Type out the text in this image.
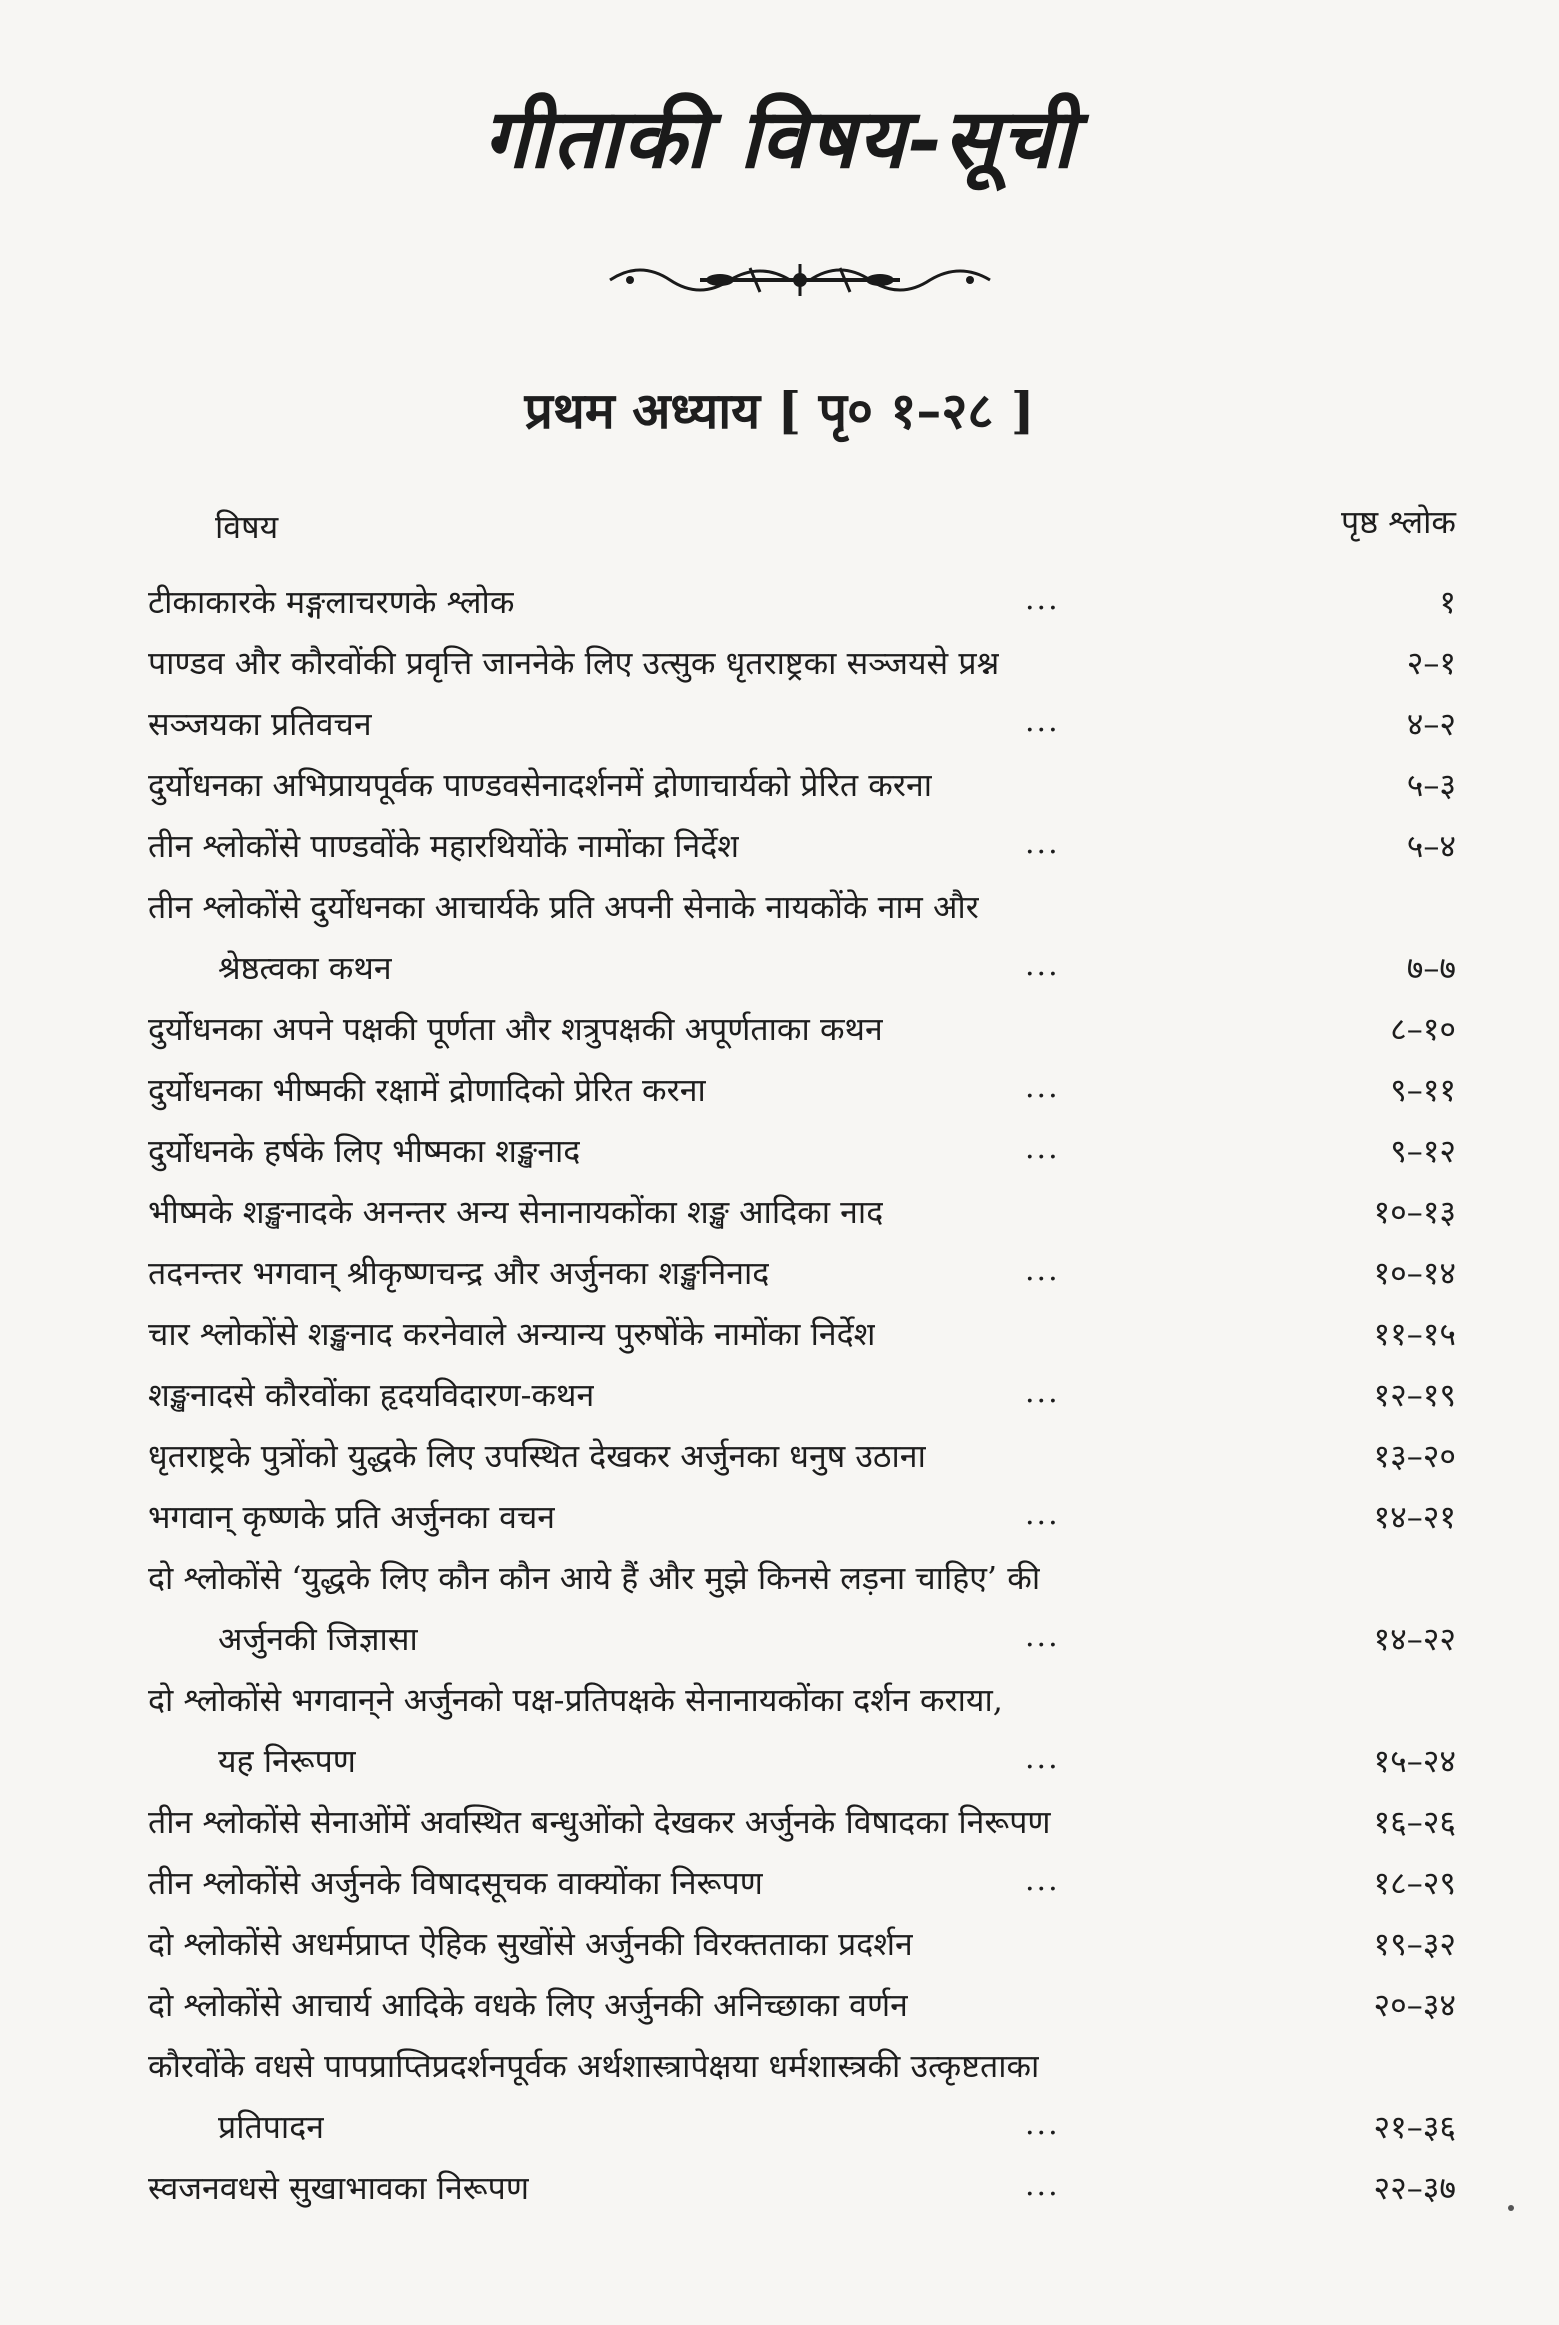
गीताकी विषय-सूची
प्रथम अध्याय [ पृ० १–२८ ]
विषय	पृष्ठ श्लोक
टीकाकारके मङ्गलाचरणके श्लोक	...	१
पाण्डव और कौरवोंकी प्रवृत्ति जाननेके लिए उत्सुक धृतराष्ट्रका सञ्जयसे प्रश्न	२–१
सञ्जयका प्रतिवचन	...	४–२
दुर्योधनका अभिप्रायपूर्वक पाण्डवसेनादर्शनमें द्रोणाचार्यको प्रेरित करना	५–३
तीन श्लोकोंसे पाण्डवोंके महारथियोंके नामोंका निर्देश	...	५–४
तीन श्लोकोंसे दुर्योधनका आचार्यके प्रति अपनी सेनाके नायकोंके नाम और
श्रेष्ठत्वका कथन	...	७–७
दुर्योधनका अपने पक्षकी पूर्णता और शत्रुपक्षकी अपूर्णताका कथन	८–१०
दुर्योधनका भीष्मकी रक्षामें द्रोणादिको प्रेरित करना	...	९–११
दुर्योधनके हर्षके लिए भीष्मका शङ्खनाद	...	९–१२
भीष्मके शङ्खनादके अनन्तर अन्य सेनानायकोंका शङ्ख आदिका नाद	१०–१३
तदनन्तर भगवान् श्रीकृष्णचन्द्र और अर्जुनका शङ्खनिनाद	...	१०–१४
चार श्लोकोंसे शङ्खनाद करनेवाले अन्यान्य पुरुषोंके नामोंका निर्देश	११–१५
शङ्खनादसे कौरवोंका हृदयविदारण-कथन	...	१२–१९
धृतराष्ट्रके पुत्रोंको युद्धके लिए उपस्थित देखकर अर्जुनका धनुष उठाना	१३–२०
भगवान् कृष्णके प्रति अर्जुनका वचन	...	१४–२१
दो श्लोकोंसे ‘युद्धके लिए कौन कौन आये हैं और मुझे किनसे लड़ना चाहिए’ की
अर्जुनकी जिज्ञासा	...	१४–२२
दो श्लोकोंसे भगवान्‌ने अर्जुनको पक्ष-प्रतिपक्षके सेनानायकोंका दर्शन कराया,
यह निरूपण	...	१५–२४
तीन श्लोकोंसे सेनाओंमें अवस्थित बन्धुओंको देखकर अर्जुनके विषादका निरूपण	१६–२६
तीन श्लोकोंसे अर्जुनके विषादसूचक वाक्योंका निरूपण	...	१८–२९
दो श्लोकोंसे अधर्मप्राप्त ऐहिक सुखोंसे अर्जुनकी विरक्तताका प्रदर्शन	१९–३२
दो श्लोकोंसे आचार्य आदिके वधके लिए अर्जुनकी अनिच्छाका वर्णन	२०–३४
कौरवोंके वधसे पापप्राप्तिप्रदर्शनपूर्वक अर्थशास्त्रापेक्षया धर्मशास्त्रकी उत्कृष्टताका
प्रतिपादन	...	२१–३६
स्वजनवधसे सुखाभावका निरूपण	...	२२–३७
